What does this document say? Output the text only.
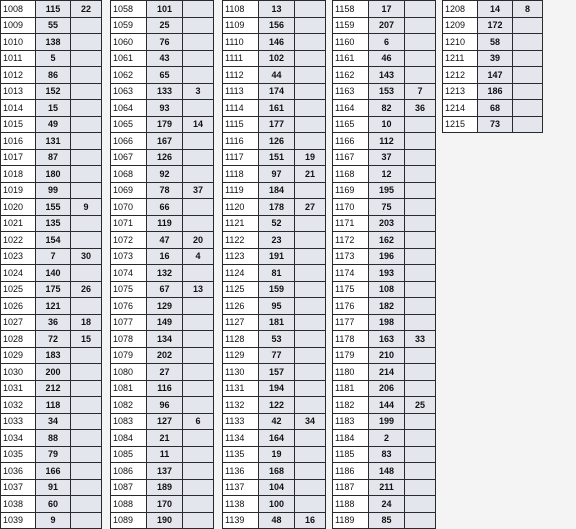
1008	115	22
1009	55	
1010	138	
1011	5	
1012	86	
1013	152	
1014	15	
1015	49	
1016	131	
1017	87	
1018	180	
1019	99	
1020	155	9
1021	135	
1022	154	
1023	7	30
1024	140	
1025	175	26
1026	121	
1027	36	18
1028	72	15
1029	183	
1030	200	
1031	212	
1032	118	
1033	34	
1034	88	
1035	79	
1036	166	
1037	91	
1038	60	
1039	9	
1058	101	
1059	25	
1060	76	
1061	43	
1062	65	
1063	133	3
1064	93	
1065	179	14
1066	167	
1067	126	
1068	92	
1069	78	37
1070	66	
1071	119	
1072	47	20
1073	16	4
1074	132	
1075	67	13
1076	129	
1077	149	
1078	134	
1079	202	
1080	27	
1081	116	
1082	96	
1083	127	6
1084	21	
1085	11	
1086	137	
1087	189	
1088	170	
1089	190	
1108	13	
1109	156	
1110	146	
1111	102	
1112	44	
1113	174	
1114	161	
1115	177	
1116	126	
1117	151	19
1118	97	21
1119	184	
1120	178	27
1121	52	
1122	23	
1123	191	
1124	81	
1125	159	
1126	95	
1127	181	
1128	53	
1129	77	
1130	157	
1131	194	
1132	122	
1133	42	34
1134	164	
1135	19	
1136	168	
1137	104	
1138	100	
1139	48	16
1158	17	
1159	207	
1160	6	
1161	46	
1162	143	
1163	153	7
1164	82	36
1165	10	
1166	112	
1167	37	
1168	12	
1169	195	
1170	75	
1171	203	
1172	162	
1173	196	
1174	193	
1175	108	
1176	182	
1177	198	
1178	163	33
1179	210	
1180	214	
1181	206	
1182	144	25
1183	199	
1184	2	
1185	83	
1186	148	
1187	211	
1188	24	
1189	85	
1208	14	8
1209	172	
1210	58	
1211	39	
1212	147	
1213	186	
1214	68	
1215	73	
